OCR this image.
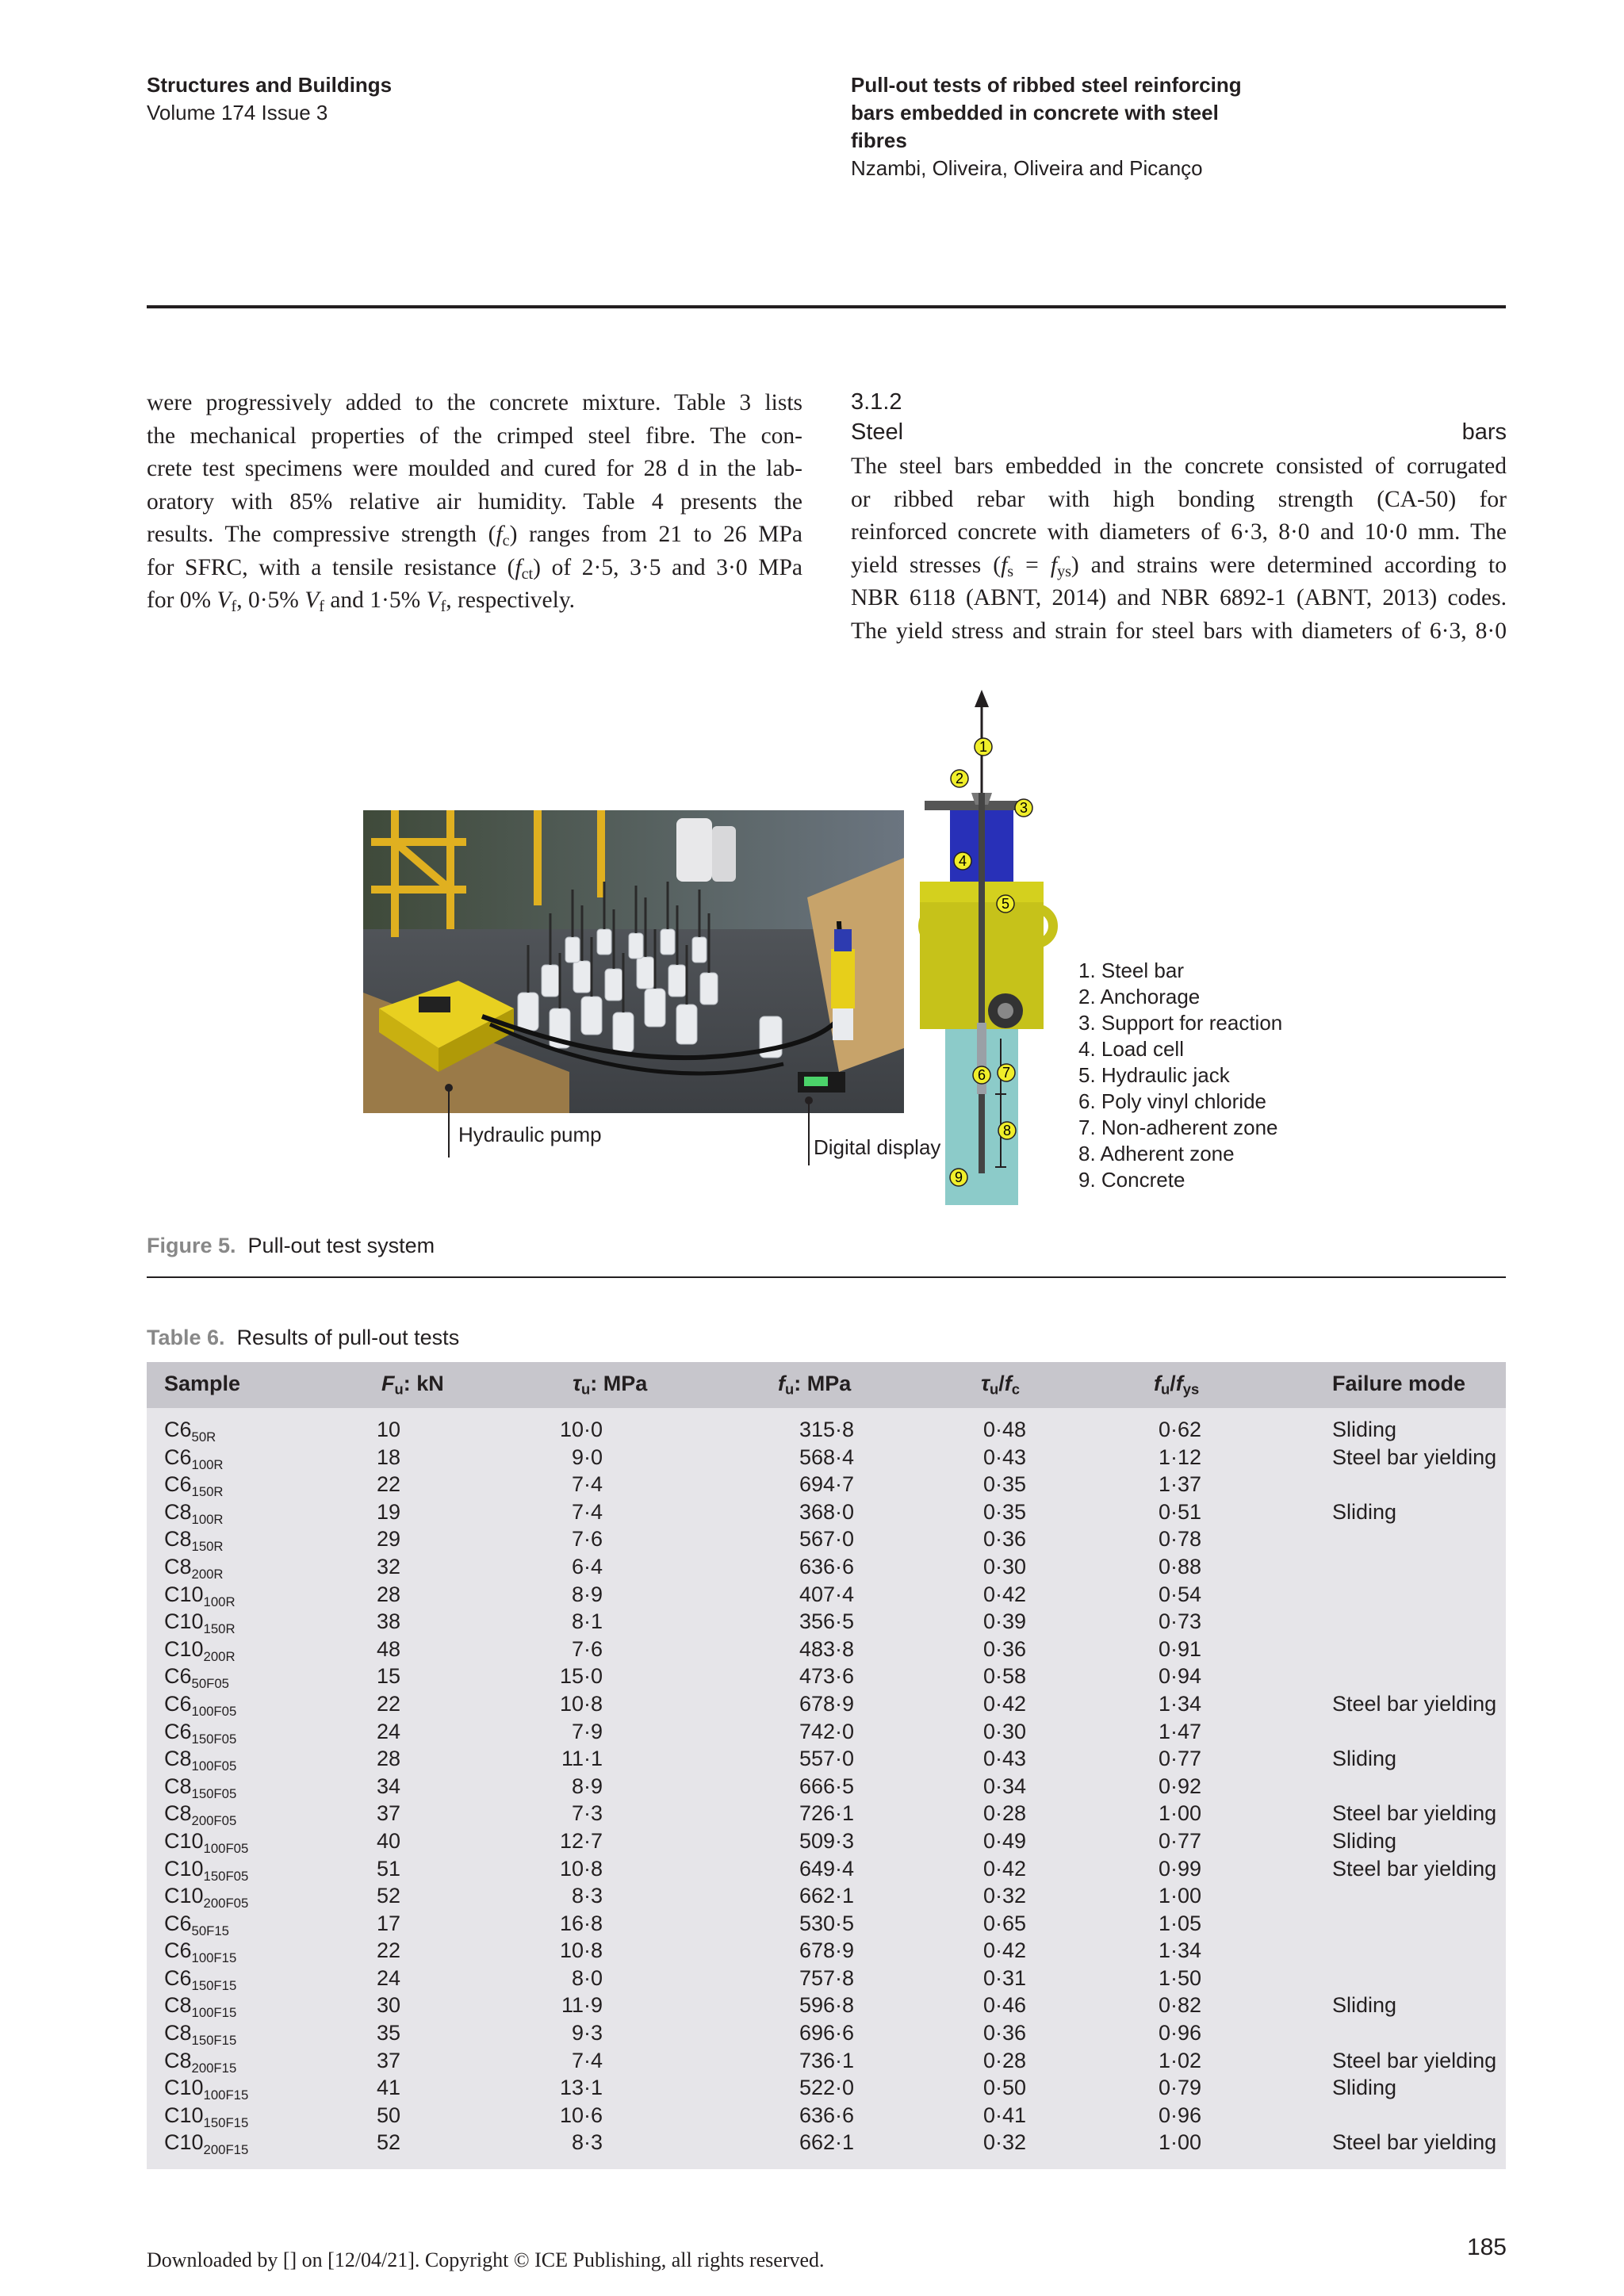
Structures and Buildings
Volume 174 Issue 3
Pull-out tests of ribbed steel reinforcing
bars embedded in concrete with steel
fibres
Nzambi, Oliveira, Oliveira and Picanço
were progressively added to the concrete mixture. Table 3 lists
the mechanical properties of the crimped steel fibre. The con-
crete test specimens were moulded and cured for 28 d in the lab-
oratory with 85% relative air humidity. Table 4 presents the
results. The compressive strength $(f_c)$ ranges from 21 to 26 MPa
for SFRC, with a tensile resistance $(f_{ct})$ of 2·5, 3·5 and 3·0 MPa
for 0% $V_f$, 0·5% $V_f$ and 1·5% $V_f$, respectively.
3.1.2
Steel bars
The steel bars embedded in the concrete consisted of corrugated
or ribbed rebar with high bonding strength (CA-50) for
reinforced concrete with diameters of 6·3, 8·0 and 10·0 mm. The
yield stresses $(f_s = f_{ys})$ and strains were determined according to
NBR 6118 (ABNT, 2014) and NBR 6892-1 (ABNT, 2013) codes.
The yield stress and strain for steel bars with diameters of 6·3, 8·0
1
2
3
4
5
6 7
8
9
Hydraulic pump
Digital display
1. Steel bar
2. Anchorage
3. Support for reaction
4. Load cell
5. Hydraulic jack
6. Poly vinyl chloride
7. Non-adherent zone
8. Adherent zone
9. Concrete
Figure 5. Pull-out test system
Table 6. Results of pull-out tests
Sample	$F_u$: kN	$\tau_u$: MPa	$f_u$: MPa	$\tau_u/f_c$	$f_u/f_{ys}$	Failure mode
$C6_{50R}$	10	10·0	315·8	0·48	0·62	Sliding
$C6_{100R}$	18	9·0	568·4	0·43	1·12	Steel bar yielding
$C6_{150R}$	22	7·4	694·7	0·35	1·37
$C8_{100R}$	19	7·4	368·0	0·35	0·51	Sliding
$C8_{150R}$	29	7·6	567·0	0·36	0·78
$C8_{200R}$	32	6·4	636·6	0·30	0·88
$C10_{100R}$	28	8·9	407·4	0·42	0·54
$C10_{150R}$	38	8·1	356·5	0·39	0·73
$C10_{200R}$	48	7·6	483·8	0·36	0·91
$C6_{50F05}$	15	15·0	473·6	0·58	0·94
$C6_{100F05}$	22	10·8	678·9	0·42	1·34	Steel bar yielding
$C6_{150F05}$	24	7·9	742·0	0·30	1·47
$C8_{100F05}$	28	11·1	557·0	0·43	0·77	Sliding
$C8_{150F05}$	34	8·9	666·5	0·34	0·92
$C8_{200F05}$	37	7·3	726·1	0·28	1·00	Steel bar yielding
$C10_{100F05}$	40	12·7	509·3	0·49	0·77	Sliding
$C10_{150F05}$	51	10·8	649·4	0·42	0·99	Steel bar yielding
$C10_{200F05}$	52	8·3	662·1	0·32	1·00
$C6_{50F15}$	17	16·8	530·5	0·65	1·05
$C6_{100F15}$	22	10·8	678·9	0·42	1·34
$C6_{150F15}$	24	8·0	757·8	0·31	1·50
$C8_{100F15}$	30	11·9	596·8	0·46	0·82	Sliding
$C8_{150F15}$	35	9·3	696·6	0·36	0·96
$C8_{200F15}$	37	7·4	736·1	0·28	1·02	Steel bar yielding
$C10_{100F15}$	41	13·1	522·0	0·50	0·79	Sliding
$C10_{150F15}$	50	10·6	636·6	0·41	0·96
$C10_{200F15}$	52	8·3	662·1	0·32	1·00	Steel bar yielding
Downloaded by [] on [12/04/21]. Copyright © ICE Publishing, all rights reserved.	185
